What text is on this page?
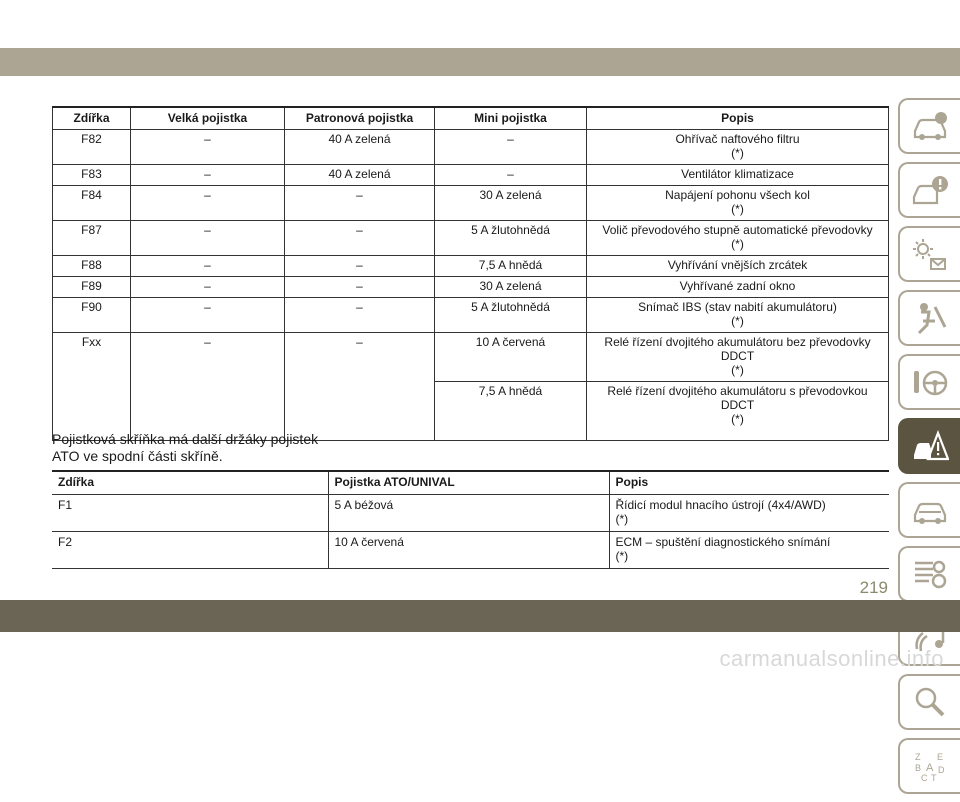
Zdířka	Velká pojistka	Patronová pojistka	Mini pojistka	Popis
F82	–	40 A zelená	–	Ohřívač naftového filtru
(*)

F83	–	40 A zelená	–	Ventilátor klimatizace

F84	–	–	30 A zelená	Napájení pohonu všech kol
(*)

F87	–	–	5 A žlutohnědá	Volič převodového stupně automatické převodovky
(*)

F88	–	–	7,5 A hnědá	Vyhřívání vnějších zrcátek

F89	–	–	30 A zelená	Vyhřívané zadní okno

F90	–	–	5 A žlutohnědá	Snímač IBS (stav nabití akumulátoru)
(*)

Fxx	–	–	10 A červená	Relé řízení dvojitého akumulátoru bez převodovky
DDCT
(*)

			7,5 A hnědá	Relé řízení dvojitého akumulátoru s převodovkou
DDCT
(*)
Pojistková skříňka má další držáky pojistek
ATO ve spodní části skříně.
Zdířka	Pojistka ATO/UNIVAL	Popis
F1	5 A béžová	Řídicí modul hnacího ústrojí (4x4/AWD)
(*)

F2	10 A červená	ECM – spuštění diagnostického snímání
(*)
Z E
B A
C T
D
219
carmanualsonline.info
